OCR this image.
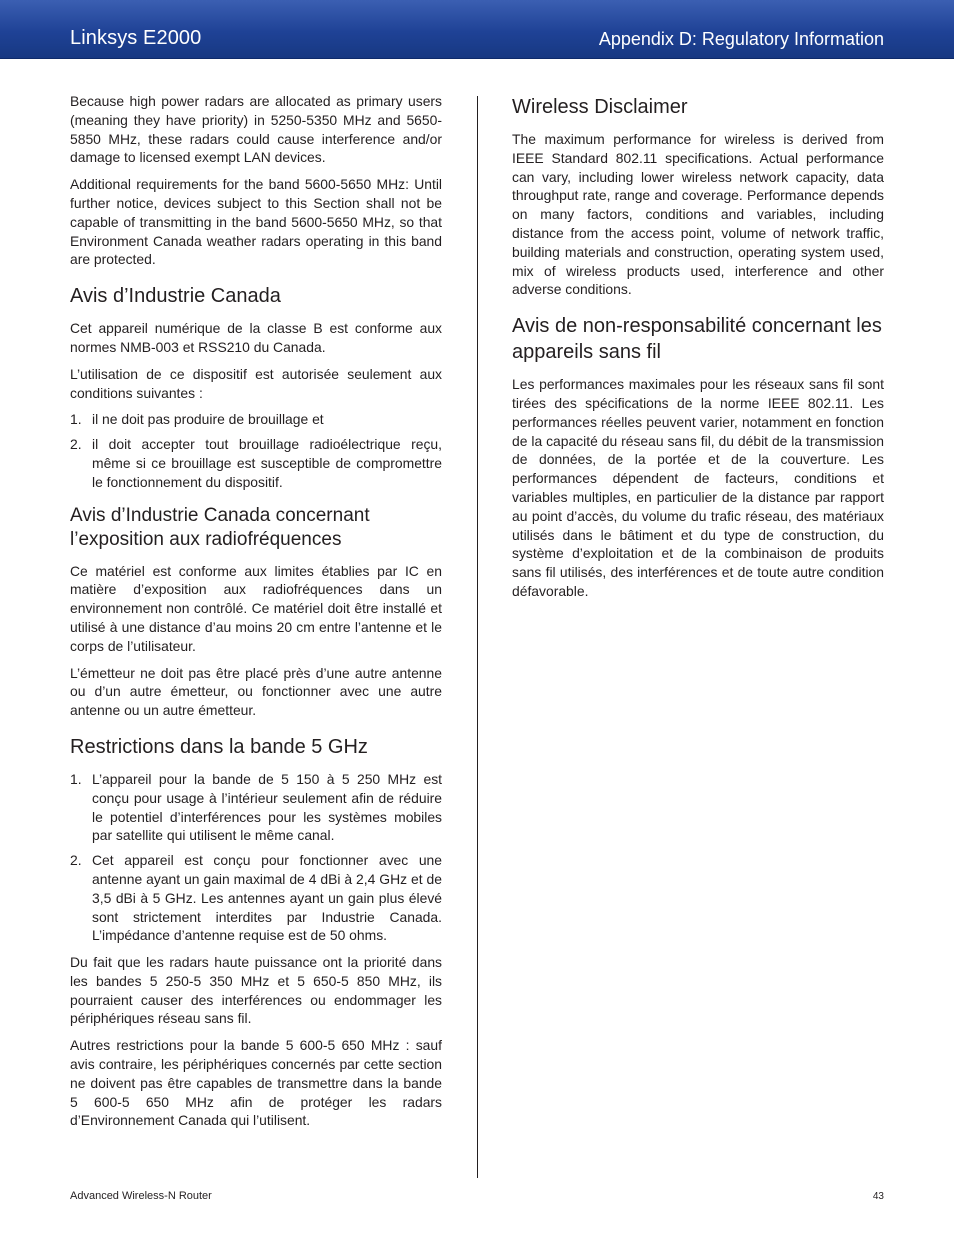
Linksys E2000	Appendix D: Regulatory Information

Because high power radars are allocated as primary users (meaning they have priority) in 5250-5350 MHz and 5650-5850 MHz, these radars could cause interference and/or damage to licensed exempt LAN devices.

Additional requirements for the band 5600-5650 MHz: Until further notice, devices subject to this Section shall not be capable of transmitting in the band 5600-5650 MHz, so that Environment Canada weather radars operating in this band are protected.

Avis d’Industrie Canada

Cet appareil numérique de la classe B est conforme aux normes NMB-003 et RSS210 du Canada.

L’utilisation de ce dispositif est autorisée seulement aux conditions suivantes :

1. il ne doit pas produire de brouillage et
2. il doit accepter tout brouillage radioélectrique reçu, même si ce brouillage est susceptible de compromettre le fonctionnement du dispositif.
Avis d’Industrie Canada concernant l’exposition aux radiofréquences

Ce matériel est conforme aux limites établies par IC en matière d’exposition aux radiofréquences dans un environnement non contrôlé. Ce matériel doit être installé et utilisé à une distance d’au moins 20 cm entre l’antenne et le corps de l’utilisateur.

L’émetteur ne doit pas être placé près d’une autre antenne ou d’un autre émetteur, ou fonctionner avec une autre antenne ou un autre émetteur.

Restrictions dans la bande 5 GHz
1. L’appareil pour la bande de 5 150 à 5 250 MHz est conçu pour usage à l’intérieur seulement afin de réduire le potentiel d’interférences pour les systèmes mobiles par satellite qui utilisent le même canal.
2. Cet appareil est conçu pour fonctionner avec une antenne ayant un gain maximal de 4 dBi à 2,4 GHz et de 3,5 dBi à 5 GHz. Les antennes ayant un gain plus élevé sont strictement interdites par Industrie Canada. L’impédance d’antenne requise est de 50 ohms.

Du fait que les radars haute puissance ont la priorité dans les bandes 5 250-5 350 MHz et 5 650-5 850 MHz, ils pourraient causer des interférences ou endommager les périphériques réseau sans fil.

Autres restrictions pour la bande 5 600-5 650 MHz : sauf avis contraire, les périphériques concernés par cette section ne doivent pas être capables de transmettre dans la bande 5 600-5 650 MHz afin de protéger les radars d’Environnement Canada qui l’utilisent.

Wireless Disclaimer

The maximum performance for wireless is derived from IEEE Standard 802.11 specifications. Actual performance can vary, including lower wireless network capacity, data throughput rate, range and coverage. Performance depends on many factors, conditions and variables, including distance from the access point, volume of network traffic, building materials and construction, operating system used, mix of wireless products used, interference and other adverse conditions.

Avis de non-responsabilité concernant les appareils sans fil

Les performances maximales pour les réseaux sans fil sont tirées des spécifications de la norme IEEE 802.11. Les performances réelles peuvent varier, notamment en fonction de la capacité du réseau sans fil, du débit de la transmission de données, de la portée et de la couverture. Les performances dépendent de facteurs, conditions et variables multiples, en particulier de la distance par rapport au point d’accès, du volume du trafic réseau, des matériaux utilisés dans le bâtiment et du type de construction, du système d’exploitation et de la combinaison de produits sans fil utilisés, des interférences et de toute autre condition défavorable.

Advanced Wireless-N Router	43
